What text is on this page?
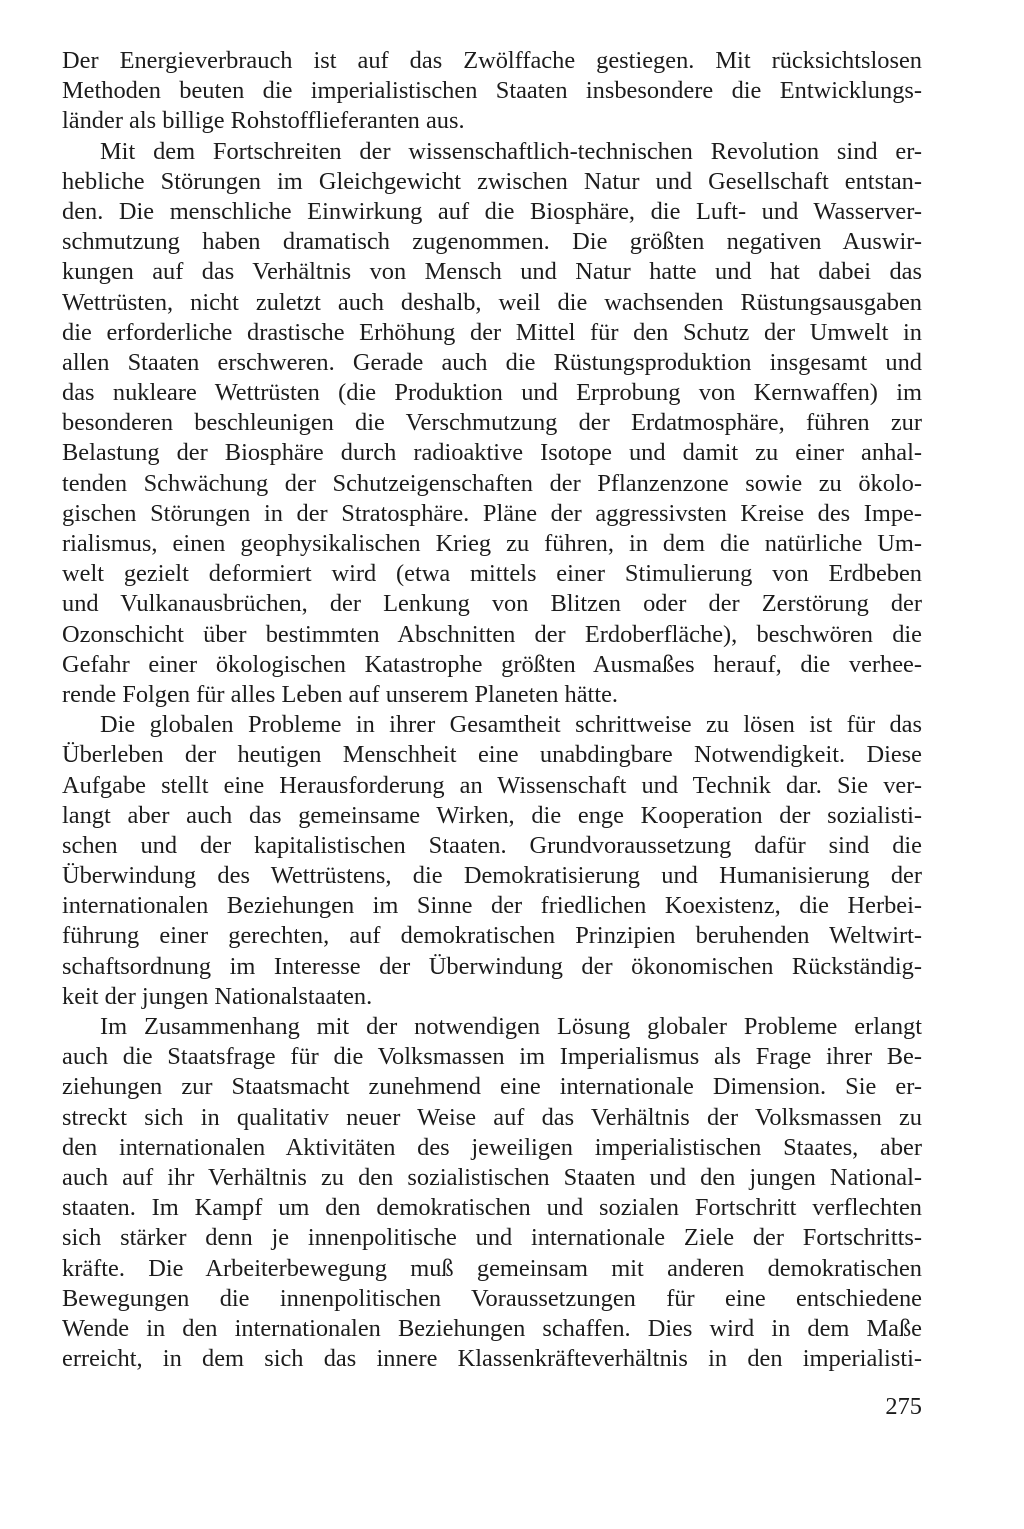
Der Energieverbrauch ist auf das Zwölffache gestiegen. Mit rücksichtslosen
Methoden beuten die imperialistischen Staaten insbesondere die Entwicklungs-
länder als billige Rohstofflieferanten aus.
Mit dem Fortschreiten der wissenschaftlich-technischen Revolution sind er-
hebliche Störungen im Gleichgewicht zwischen Natur und Gesellschaft entstan-
den. Die menschliche Einwirkung auf die Biosphäre, die Luft- und Wasserver-
schmutzung haben dramatisch zugenommen. Die größten negativen Auswir-
kungen auf das Verhältnis von Mensch und Natur hatte und hat dabei das
Wettrüsten, nicht zuletzt auch deshalb, weil die wachsenden Rüstungsausgaben
die erforderliche drastische Erhöhung der Mittel für den Schutz der Umwelt in
allen Staaten erschweren. Gerade auch die Rüstungsproduktion insgesamt und
das nukleare Wettrüsten (die Produktion und Erprobung von Kernwaffen) im
besonderen beschleunigen die Verschmutzung der Erdatmosphäre, führen zur
Belastung der Biosphäre durch radioaktive Isotope und damit zu einer anhal-
tenden Schwächung der Schutzeigenschaften der Pflanzenzone sowie zu ökolo-
gischen Störungen in der Stratosphäre. Pläne der aggressivsten Kreise des Impe-
rialismus, einen geophysikalischen Krieg zu führen, in dem die natürliche Um-
welt gezielt deformiert wird (etwa mittels einer Stimulierung von Erdbeben
und Vulkanausbrüchen, der Lenkung von Blitzen oder der Zerstörung der
Ozonschicht über bestimmten Abschnitten der Erdoberfläche), beschwören die
Gefahr einer ökologischen Katastrophe größten Ausmaßes herauf, die verhee-
rende Folgen für alles Leben auf unserem Planeten hätte.
Die globalen Probleme in ihrer Gesamtheit schrittweise zu lösen ist für das
Überleben der heutigen Menschheit eine unabdingbare Notwendigkeit. Diese
Aufgabe stellt eine Herausforderung an Wissenschaft und Technik dar. Sie ver-
langt aber auch das gemeinsame Wirken, die enge Kooperation der sozialisti-
schen und der kapitalistischen Staaten. Grundvoraussetzung dafür sind die
Überwindung des Wettrüstens, die Demokratisierung und Humanisierung der
internationalen Beziehungen im Sinne der friedlichen Koexistenz, die Herbei-
führung einer gerechten, auf demokratischen Prinzipien beruhenden Weltwirt-
schaftsordnung im Interesse der Überwindung der ökonomischen Rückständig-
keit der jungen Nationalstaaten.
Im Zusammenhang mit der notwendigen Lösung globaler Probleme erlangt
auch die Staatsfrage für die Volksmassen im Imperialismus als Frage ihrer Be-
ziehungen zur Staatsmacht zunehmend eine internationale Dimension. Sie er-
streckt sich in qualitativ neuer Weise auf das Verhältnis der Volksmassen zu
den internationalen Aktivitäten des jeweiligen imperialistischen Staates, aber
auch auf ihr Verhältnis zu den sozialistischen Staaten und den jungen National-
staaten. Im Kampf um den demokratischen und sozialen Fortschritt verflechten
sich stärker denn je innenpolitische und internationale Ziele der Fortschritts-
kräfte. Die Arbeiterbewegung muß gemeinsam mit anderen demokratischen
Bewegungen die innenpolitischen Voraussetzungen für eine entschiedene
Wende in den internationalen Beziehungen schaffen. Dies wird in dem Maße
erreicht, in dem sich das innere Klassenkräfteverhältnis in den imperialisti-
275
